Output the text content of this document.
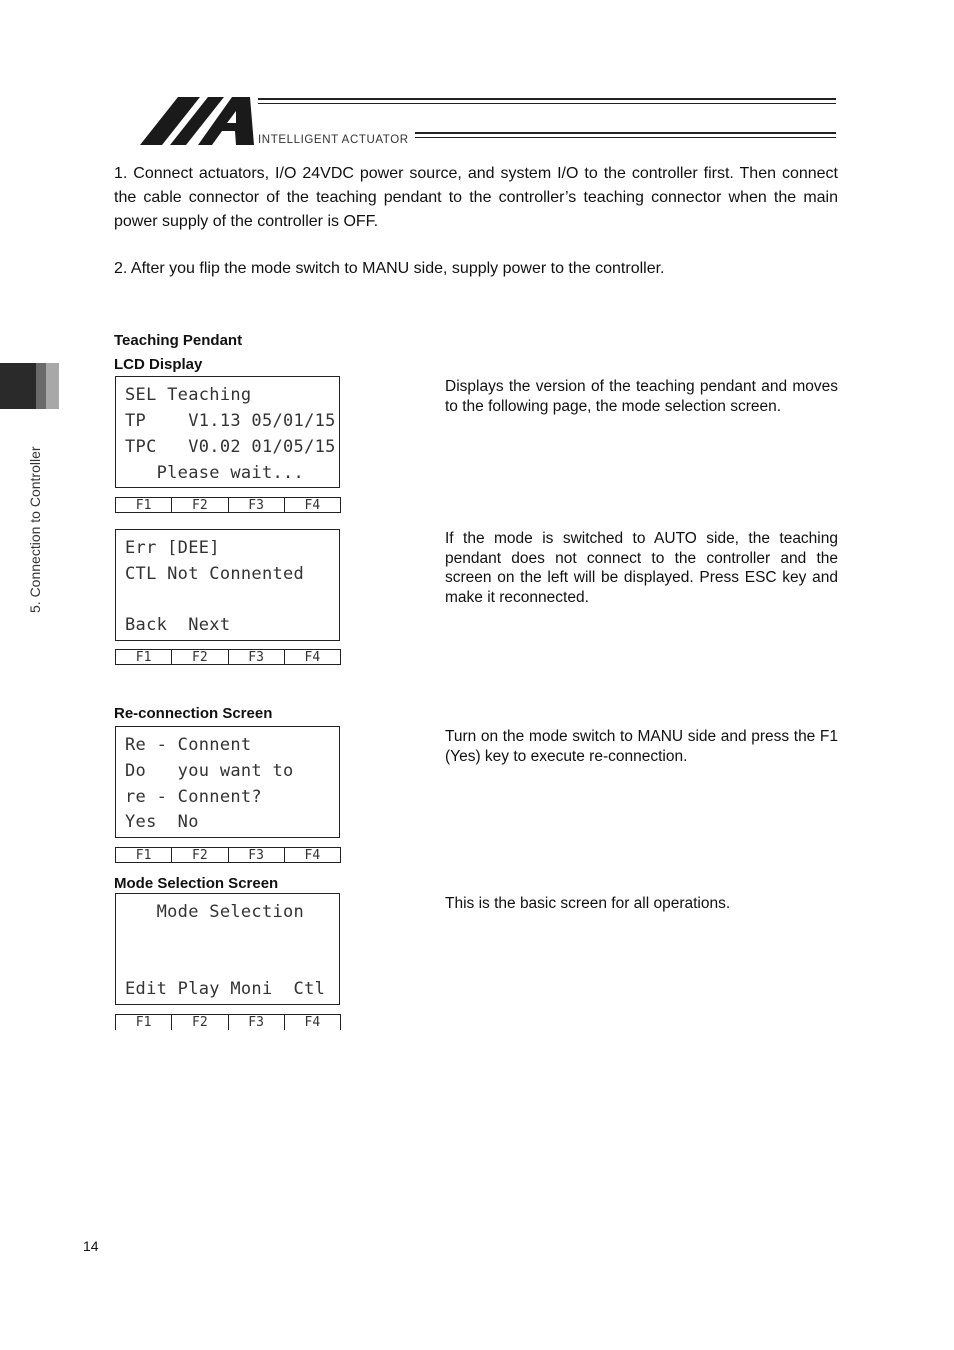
INTELLIGENT ACTUATOR
5. Connection to Controller
1. Connect actuators, I/O 24VDC power source, and system I/O to the controller first. Then connect the cable connector of the teaching pendant to the controller’s teaching connector when the main power supply of the controller is OFF.
2. After you flip the mode switch to MANU side, supply power to the controller.
Teaching Pendant
LCD Display
SEL Teaching
TP    V1.13 05/01/15
TPC   V0.02 01/05/15
Please wait...
F1	F2	F3	F4
Displays the version of the teaching pendant and moves to the following page, the mode selection screen.
Err [DEE]
CTL Not Connented
Back  Next
F1	F2	F3	F4
If the mode is switched to AUTO side, the teaching pendant does not connect to the controller and the screen on the left will be displayed. Press ESC key and make it reconnected.
Re-connection Screen
Re - Connent
Do   you want to
re - Connent?
Yes  No
F1	F2	F3	F4
Turn on the mode switch to MANU side and press the F1 (Yes) key to execute re-connection.
Mode Selection Screen
Mode Selection
Edit Play Moni  Ctl
F1	F2	F3	F4
This is the basic screen for all operations.
14
